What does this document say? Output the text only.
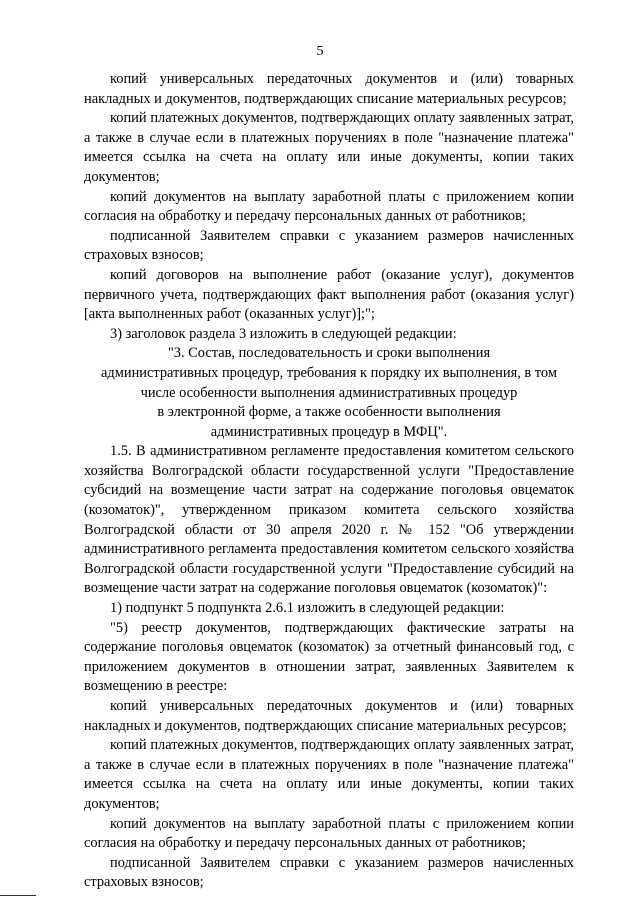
5

копий универсальных передаточных документов и (или) товарных накладных и документов, подтверждающих списание материальных ресурсов;

копий платежных документов, подтверждающих оплату заявленных затрат, а также в случае если в платежных поручениях в поле "назначение платежа" имеется ссылка на счета на оплату или иные документы, копии таких документов;

копий документов на выплату заработной платы с приложением копии согласия на обработку и передачу персональных данных от работников;

подписанной Заявителем справки с указанием размеров начисленных страховых взносов;

копий договоров на выполнение работ (оказание услуг), документов первичного учета, подтверждающих факт выполнения работ (оказания услуг) [акта выполненных работ (оказанных услуг)];";

3) заголовок раздела 3 изложить в следующей редакции:

"3. Состав, последовательность и сроки выполнения

административных процедур, требования к порядку их выполнения, в том

числе особенности выполнения административных процедур

в электронной форме, а также особенности выполнения

административных процедур в МФЦ".

1.5. В административном регламенте предоставления комитетом сельского хозяйства Волгоградской области государственной услуги "Предоставление субсидий на возмещение части затрат на содержание поголовья овцематок (козоматок)", утвержденном приказом комитета сельского хозяйства Волгоградской области от 30 апреля 2020 г. № 152 "Об утверждении административного регламента предоставления комитетом сельского хозяйства Волгоградской области государственной услуги "Предоставление субсидий на возмещение части затрат на содержание поголовья овцематок (козоматок)":

1) подпункт 5 подпункта 2.6.1 изложить в следующей редакции:

"5) реестр документов, подтверждающих фактические затраты на содержание поголовья овцематок (козоматок) за отчетный финансовый год, с приложением документов в отношении затрат, заявленных Заявителем к возмещению в реестре:

копий универсальных передаточных документов и (или) товарных накладных и документов, подтверждающих списание материальных ресурсов;

копий платежных документов, подтверждающих оплату заявленных затрат, а также в случае если в платежных поручениях в поле "назначение платежа" имеется ссылка на счета на оплату или иные документы, копии таких документов;

копий документов на выплату заработной платы с приложением копии согласия на обработку и передачу персональных данных от работников;

подписанной Заявителем справки с указанием размеров начисленных страховых взносов;
